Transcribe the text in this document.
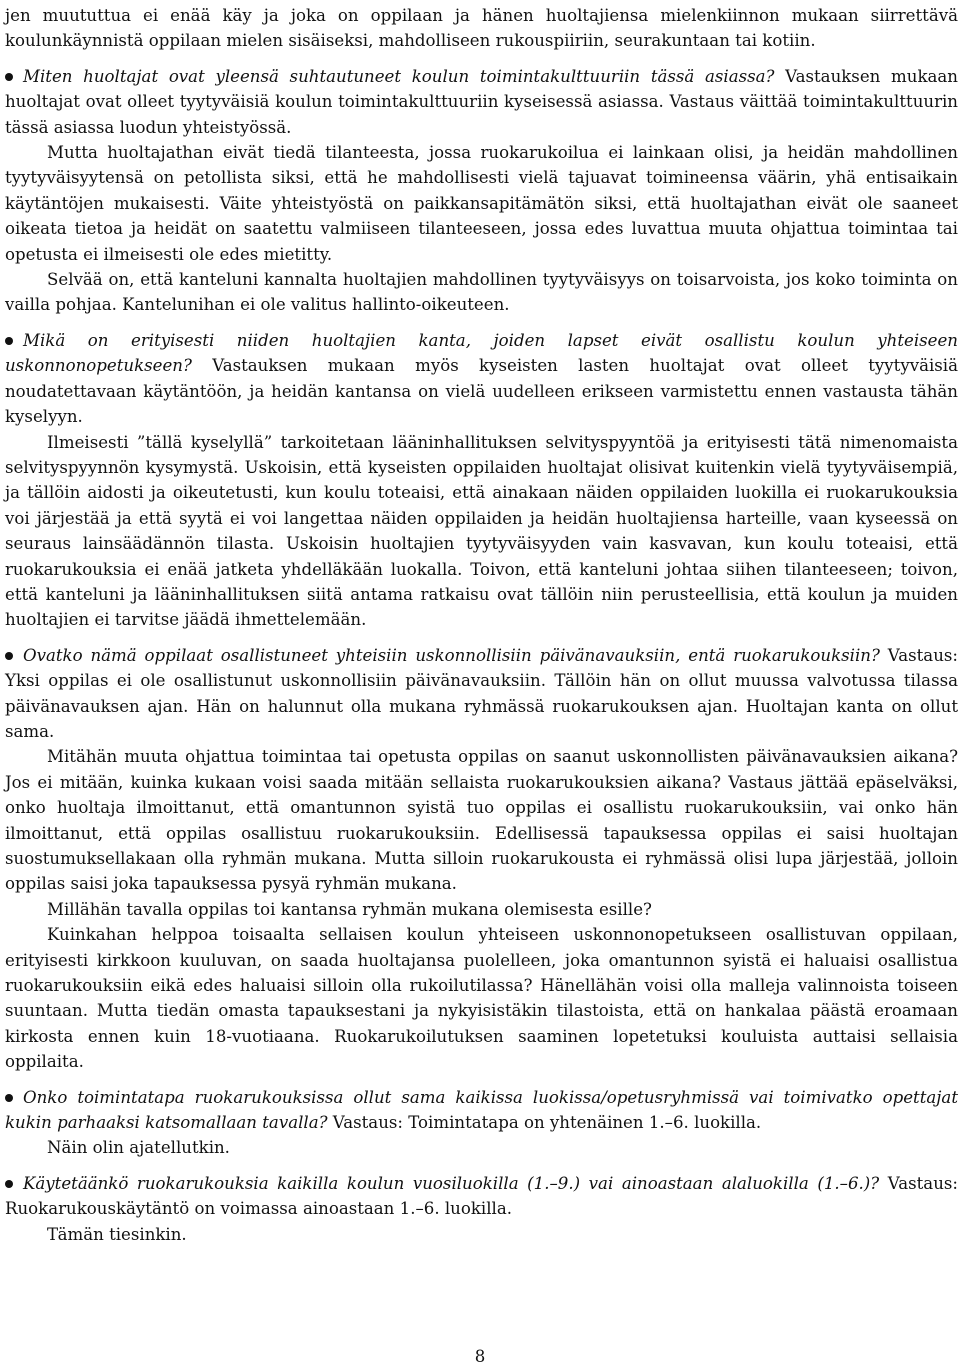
jen muututtua ei enää käy ja joka on oppilaan ja hänen huoltajiensa mielenkiinnon mukaan siirrettävä koulunkäynnistä oppilaan mielen sisäiseksi, mahdolliseen rukouspiiriin, seurakuntaan tai kotiin.

Miten huoltajat ovat yleensä suhtautuneet koulun toimintakulttuuriin tässä asiassa? Vastauksen mukaan huoltajat ovat olleet tyytyväisiä koulun toimintakulttuuriin kyseisessä asiassa. Vastaus väittää toimintakulttuurin tässä asiassa luodun yhteistyössä.

Mutta huoltajathan eivät tiedä tilanteesta, jossa ruokarukoilua ei lainkaan olisi, ja heidän mahdollinen tyytyväisyytensä on petollista siksi, että he mahdollisesti vielä tajuavat toimineensa väärin, yhä entisaikain käytäntöjen mukaisesti. Väite yhteistyöstä on paikkansapitämätön siksi, että huoltajathan eivät ole saaneet oikeata tietoa ja heidät on saatettu valmiiseen tilanteeseen, jossa edes luvattua muuta ohjattua toimintaa tai opetusta ei ilmeisesti ole edes mietitty.

Selvää on, että kanteluni kannalta huoltajien mahdollinen tyytyväisyys on toisarvoista, jos koko toiminta on vailla pohjaa. Kantelunihan ei ole valitus hallinto-oikeuteen.

Mikä on erityisesti niiden huoltajien kanta, joiden lapset eivät osallistu koulun yhteiseen uskonnonopetukseen? Vastauksen mukaan myös kyseisten lasten huoltajat ovat olleet tyytyväisiä noudatettavaan käytäntöön, ja heidän kantansa on vielä uudelleen erikseen varmistettu ennen vastausta tähän kyselyyn.

Ilmeisesti ”tällä kyselyllä” tarkoitetaan lääninhallituksen selvityspyyntöä ja erityisesti tätä nimenomaista selvityspyynnön kysymystä. Uskoisin, että kyseisten oppilaiden huoltajat olisivat kuitenkin vielä tyytyväisempiä, ja tällöin aidosti ja oikeutetusti, kun koulu toteaisi, että ainakaan näiden oppilaiden luokilla ei ruokarukouksia voi järjestää ja että syytä ei voi langettaa näiden oppilaiden ja heidän huoltajiensa harteille, vaan kyseessä on seuraus lainsäädännön tilasta. Uskoisin huoltajien tyytyväisyyden vain kasvavan, kun koulu toteaisi, että ruokarukouksia ei enää jatketa yhdelläkään luokalla. Toivon, että kanteluni johtaa siihen tilanteeseen; toivon, että kanteluni ja lääninhallituksen siitä antama ratkaisu ovat tällöin niin perusteellisia, että koulun ja muiden huoltajien ei tarvitse jäädä ihmettelemään.

Ovatko nämä oppilaat osallistuneet yhteisiin uskonnollisiin päivänavauksiin, entä ruokarukouksiin? Vastaus: Yksi oppilas ei ole osallistunut uskonnollisiin päivänavauksiin. Tällöin hän on ollut muussa valvotussa tilassa päivänavauksen ajan. Hän on halunnut olla mukana ryhmässä ruokarukouksen ajan. Huoltajan kanta on ollut sama.

Mitähän muuta ohjattua toimintaa tai opetusta oppilas on saanut uskonnollisten päivänavauksien aikana? Jos ei mitään, kuinka kukaan voisi saada mitään sellaista ruokarukouksien aikana? Vastaus jättää epäselväksi, onko huoltaja ilmoittanut, että omantunnon syistä tuo oppilas ei osallistu ruokarukouksiin, vai onko hän ilmoittanut, että oppilas osallistuu ruokarukouksiin. Edellisessä tapauksessa oppilas ei saisi huoltajan suostumuksellakaan olla ryhmän mukana. Mutta silloin ruokarukousta ei ryhmässä olisi lupa järjestää, jolloin oppilas saisi joka tapauksessa pysyä ryhmän mukana.

Millähän tavalla oppilas toi kantansa ryhmän mukana olemisesta esille?

Kuinkahan helppoa toisaalta sellaisen koulun yhteiseen uskonnonopetukseen osallistuvan oppilaan, erityisesti kirkkoon kuuluvan, on saada huoltajansa puolelleen, joka omantunnon syistä ei haluaisi osallistua ruokarukouksiin eikä edes haluaisi silloin olla rukoilutilassa? Hänellähän voisi olla malleja valinnoista toiseen suuntaan. Mutta tiedän omasta tapauksestani ja nykyisistäkin tilastoista, että on hankalaa päästä eroamaan kirkosta ennen kuin 18-vuotiaana. Ruokarukoilutuksen saaminen lopetetuksi kouluista auttaisi sellaisia oppilaita.

Onko toimintatapa ruokarukouksissa ollut sama kaikissa luokissa/opetusryhmissä vai toimivatko opettajat kukin parhaaksi katsomallaan tavalla? Vastaus: Toimintatapa on yhtenäinen 1.–6. luokilla.

Näin olin ajatellutkin.

Käytetäänkö ruokarukouksia kaikilla koulun vuosiluokilla (1.–9.) vai ainoastaan alaluokilla (1.–6.)? Vastaus: Ruokarukouskäytäntö on voimassa ainoastaan 1.–6. luokilla.

Tämän tiesinkin.

8
